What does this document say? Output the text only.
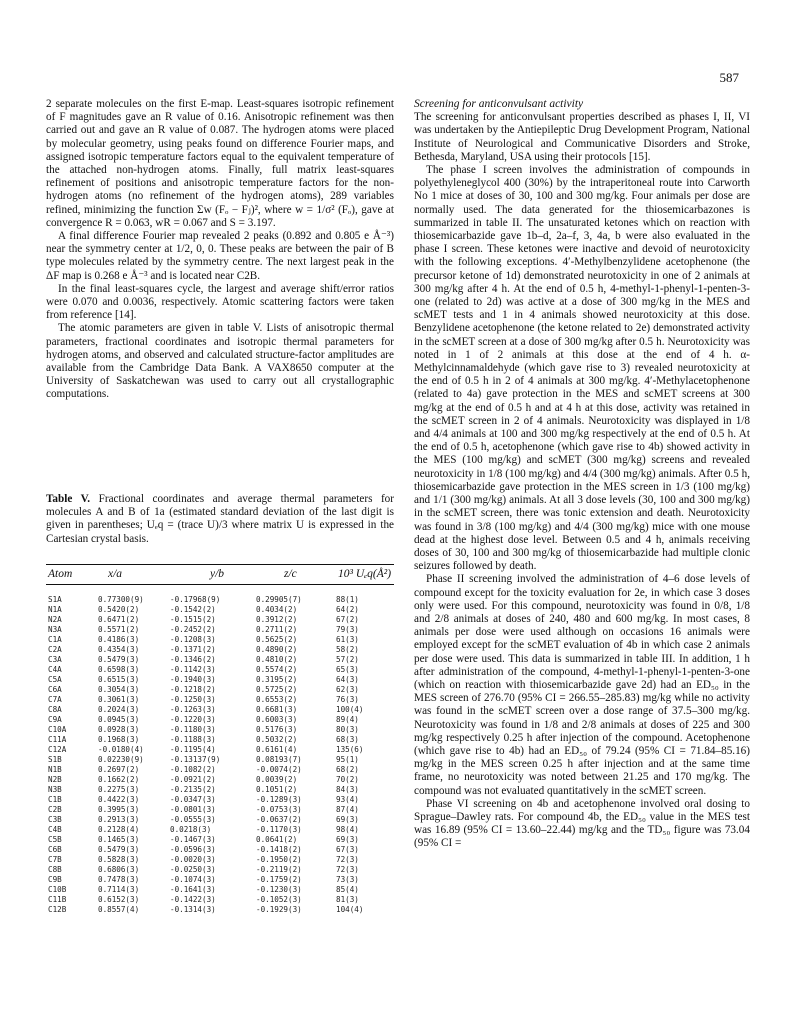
587

2 separate molecules on the first E-map. Least-squares isotropic refinement of F magnitudes gave an R value of 0.16. Anisotropic refinement was then carried out and gave an R value of 0.087. The hydrogen atoms were placed by molecular geometry, using peaks found on difference Fourier maps, and assigned isotropic temperature factors equal to the equivalent temperature of the attached non-hydrogen atoms. Finally, full matrix least-squares refinement of positions and anisotropic temperature factors for the non-hydrogen atoms (no refinement of the hydrogen atoms), 289 variables refined, minimizing the function Σw (Fₒ − Fⱼ)², where w = 1/σ² (Fₒ), gave at convergence R = 0.063, wR = 0.067 and S = 3.197.

A final difference Fourier map revealed 2 peaks (0.892 and 0.805 e Å⁻³) near the symmetry center at 1/2, 0, 0. These peaks are between the pair of B type molecules related by the symmetry centre. The next largest peak in the ΔF map is 0.268 e Å⁻³ and is located near C2B.

In the final least-squares cycle, the largest and average shift/error ratios were 0.070 and 0.0036, respectively. Atomic scattering factors were taken from reference [14].

The atomic parameters are given in table V. Lists of anisotropic thermal parameters, fractional coordinates and isotropic thermal parameters for hydrogen atoms, and observed and calculated structure-factor amplitudes are available from the Cambridge Data Bank. A VAX8650 computer at the University of Saskatchewan was used to carry out all crystallographic computations.

Table V. Fractional coordinates and average thermal parameters for molecules A and B of 1a (estimated standard deviation of the last digit is given in parentheses; Uₑq = (trace U)/3 where matrix U is expressed in the Cartesian crystal basis.
Atom	x/a	y/b	z/c	10³ Uₑq(Å²)
S1A	0.77300(9)	-0.17968(9)	0.29905(7)	88(1)
N1A	0.5420(2)	-0.1542(2)	0.4034(2)	64(2)
N2A	0.6471(2)	-0.1515(2)	0.3912(2)	67(2)
N3A	0.5571(2)	-0.2452(2)	0.2711(2)	79(3)
C1A	0.4186(3)	-0.1208(3)	0.5625(2)	61(3)
C2A	0.4354(3)	-0.1371(2)	0.4890(2)	58(2)
C3A	0.5479(3)	-0.1346(2)	0.4810(2)	57(2)
C4A	0.6598(3)	-0.1142(3)	0.5574(2)	65(3)
C5A	0.6515(3)	-0.1940(3)	0.3195(2)	64(3)
C6A	0.3054(3)	-0.1218(2)	0.5725(2)	62(3)
C7A	0.3061(3)	-0.1250(3)	0.6553(2)	76(3)
C8A	0.2024(3)	-0.1263(3)	0.6681(3)	100(4)
C9A	0.0945(3)	-0.1220(3)	0.6003(3)	89(4)
C10A	0.0928(3)	-0.1180(3)	0.5176(3)	80(3)
C11A	0.1968(3)	-0.1188(3)	0.5032(2)	68(3)
C12A	-0.0180(4)	-0.1195(4)	0.6161(4)	135(6)
S1B	0.02230(9)	-0.13137(9)	0.08193(7)	95(1)
N1B	0.2697(2)	-0.1082(2)	-0.0074(2)	68(2)
N2B	0.1662(2)	-0.0921(2)	0.0039(2)	70(2)
N3B	0.2275(3)	-0.2135(2)	0.1051(2)	84(3)
C1B	0.4422(3)	-0.0347(3)	-0.1289(3)	93(4)
C2B	0.3995(3)	-0.0801(3)	-0.0753(3)	87(4)
C3B	0.2913(3)	-0.0555(3)	-0.0637(2)	69(3)
C4B	0.2128(4)	0.0218(3)	-0.1170(3)	98(4)
C5B	0.1465(3)	-0.1467(3)	0.0641(2)	69(3)
C6B	0.5479(3)	-0.0596(3)	-0.1418(2)	67(3)
C7B	0.5828(3)	-0.0020(3)	-0.1950(2)	72(3)
C8B	0.6806(3)	-0.0250(3)	-0.2119(2)	72(3)
C9B	0.7478(3)	-0.1074(3)	-0.1759(2)	73(3)
C10B	0.7114(3)	-0.1641(3)	-0.1230(3)	85(4)
C11B	0.6152(3)	-0.1422(3)	-0.1052(3)	81(3)
C12B	0.8557(4)	-0.1314(3)	-0.1929(3)	104(4)
Screening for anticonvulsant activity

The screening for anticonvulsant properties described as phases I, II, VI was undertaken by the Antiepileptic Drug Development Program, National Institute of Neurological and Communicative Disorders and Stroke, Bethesda, Maryland, USA using their protocols [15].

The phase I screen involves the administration of compounds in polyethyleneglycol 400 (30%) by the intraperitoneal route into Carworth No 1 mice at doses of 30, 100 and 300 mg/kg. Four animals per dose are normally used. The data generated for the thiosemicarbazones is summarized in table II. The unsaturated ketones which on reaction with thiosemicarbazide gave 1b–d, 2a–f, 3, 4a, b were also evaluated in the phase I screen. These ketones were inactive and devoid of neurotoxicity with the following exceptions. 4′-Methylbenzylidene acetophenone (the precursor ketone of 1d) demonstrated neurotoxicity in one of 2 animals at 300 mg/kg after 4 h. At the end of 0.5 h, 4-methyl-1-phenyl-1-penten-3-one (related to 2d) was active at a dose of 300 mg/kg in the MES and scMET tests and 1 in 4 animals showed neurotoxicity at this dose. Benzylidene acetophenone (the ketone related to 2e) demonstrated activity in the scMET screen at a dose of 300 mg/kg after 0.5 h. Neurotoxicity was noted in 1 of 2 animals at this dose at the end of 4 h. α-Methylcinnamaldehyde (which gave rise to 3) revealed neurotoxicity at the end of 0.5 h in 2 of 4 animals at 300 mg/kg. 4′-Methylacetophenone (related to 4a) gave protection in the MES and scMET screens at 300 mg/kg at the end of 0.5 h and at 4 h at this dose, activity was retained in the scMET screen in 2 of 4 animals. Neurotoxicity was displayed in 1/8 and 4/4 animals at 100 and 300 mg/kg respectively at the end of 0.5 h. At the end of 0.5 h, acetophenone (which gave rise to 4b) showed activity in the MES (100 mg/kg) and scMET (300 mg/kg) screens and revealed neurotoxicity in 1/8 (100 mg/kg) and 4/4 (300 mg/kg) animals. After 0.5 h, thiosemicarbazide gave protection in the MES screen in 1/3 (100 mg/kg) and 1/1 (300 mg/kg) animals. At all 3 dose levels (30, 100 and 300 mg/kg) in the scMET screen, there was tonic extension and death. Neurotoxicity was found in 3/8 (100 mg/kg) and 4/4 (300 mg/kg) mice with one mouse dead at the highest dose level. Between 0.5 and 4 h, animals receiving doses of 30, 100 and 300 mg/kg of thiosemicarbazide had multiple clonic seizures followed by death.

Phase II screening involved the administration of 4–6 dose levels of compound except for the toxicity evaluation for 2e, in which case 3 doses only were used. For this compound, neurotoxicity was found in 0/8, 1/8 and 2/8 animals at doses of 240, 480 and 600 mg/kg. In most cases, 8 animals per dose were used although on occasions 16 animals were employed except for the scMET evaluation of 4b in which case 2 animals per dose were used. This data is summarized in table III. In addition, 1 h after administration of the compound, 4-methyl-1-phenyl-1-penten-3-one (which on reaction with thiosemicarbazide gave 2d) had an ED₅₀ in the MES screen of 276.70 (95% CI = 266.55–285.83) mg/kg while no activity was found in the scMET screen over a dose range of 37.5–300 mg/kg. Neurotoxicity was found in 1/8 and 2/8 animals at doses of 225 and 300 mg/kg respectively 0.25 h after injection of the compound. Acetophenone (which gave rise to 4b) had an ED₅₀ of 79.24 (95% CI = 71.84–85.16) mg/kg in the MES screen 0.25 h after injection and at the same time frame, no neurotoxicity was noted between 21.25 and 170 mg/kg. The compound was not evaluated quantitatively in the scMET screen.

Phase VI screening on 4b and acetophenone involved oral dosing to Sprague–Dawley rats. For compound 4b, the ED₅₀ value in the MES test was 16.89 (95% CI = 13.60–22.44) mg/kg and the TD₅₀ figure was 73.04 (95% CI =
